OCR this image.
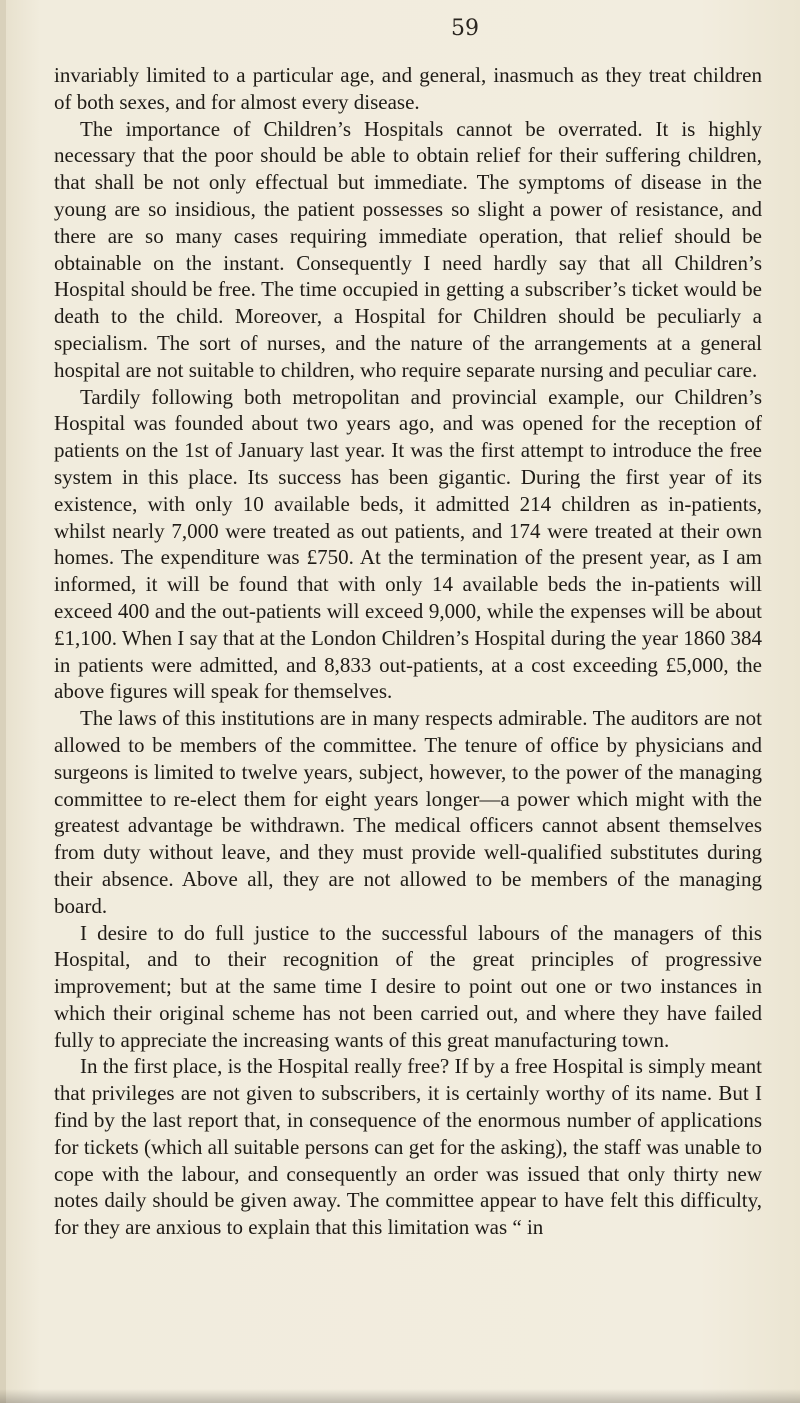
59

invariably limited to a particular age, and general, inasmuch as they treat children of both sexes, and for almost every disease.

The importance of Children’s Hospitals cannot be overrated. It is highly necessary that the poor should be able to obtain relief for their suffering children, that shall be not only effectual but immediate. The symptoms of disease in the young are so insidious, the patient possesses so slight a power of resistance, and there are so many cases requiring immediate operation, that relief should be obtainable on the instant. Consequently I need hardly say that all Children’s Hospital should be free. The time occupied in getting a subscriber’s ticket would be death to the child. Moreover, a Hospital for Children should be peculiarly a specialism. The sort of nurses, and the nature of the arrangements at a general hospital are not suitable to children, who require separate nursing and peculiar care.

Tardily following both metropolitan and provincial example, our Children’s Hospital was founded about two years ago, and was opened for the reception of patients on the 1st of January last year. It was the first attempt to introduce the free system in this place. Its success has been gigantic. During the first year of its existence, with only 10 available beds, it admitted 214 children as in-patients, whilst nearly 7,000 were treated as out patients, and 174 were treated at their own homes. The expenditure was £750. At the termination of the present year, as I am informed, it will be found that with only 14 available beds the in-patients will exceed 400 and the out-patients will exceed 9,000, while the expenses will be about £1,100. When I say that at the London Children’s Hospital during the year 1860 384 in patients were admitted, and 8,833 out-patients, at a cost exceeding £5,000, the above figures will speak for themselves.

The laws of this institutions are in many respects admirable. The auditors are not allowed to be members of the committee. The tenure of office by physicians and surgeons is limited to twelve years, subject, however, to the power of the managing committee to re-elect them for eight years longer—a power which might with the greatest advantage be withdrawn. The medical officers cannot absent themselves from duty without leave, and they must provide well-qualified substitutes during their absence. Above all, they are not allowed to be members of the managing board.

I desire to do full justice to the successful labours of the managers of this Hospital, and to their recognition of the great principles of progressive improvement; but at the same time I desire to point out one or two instances in which their original scheme has not been carried out, and where they have failed fully to appreciate the increasing wants of this great manufacturing town.

In the first place, is the Hospital really free? If by a free Hospital is simply meant that privileges are not given to subscribers, it is certainly worthy of its name. But I find by the last report that, in consequence of the enormous number of applications for tickets (which all suitable persons can get for the asking), the staff was unable to cope with the labour, and consequently an order was issued that only thirty new notes daily should be given away. The committee appear to have felt this difficulty, for they are anxious to explain that this limitation was “ in
